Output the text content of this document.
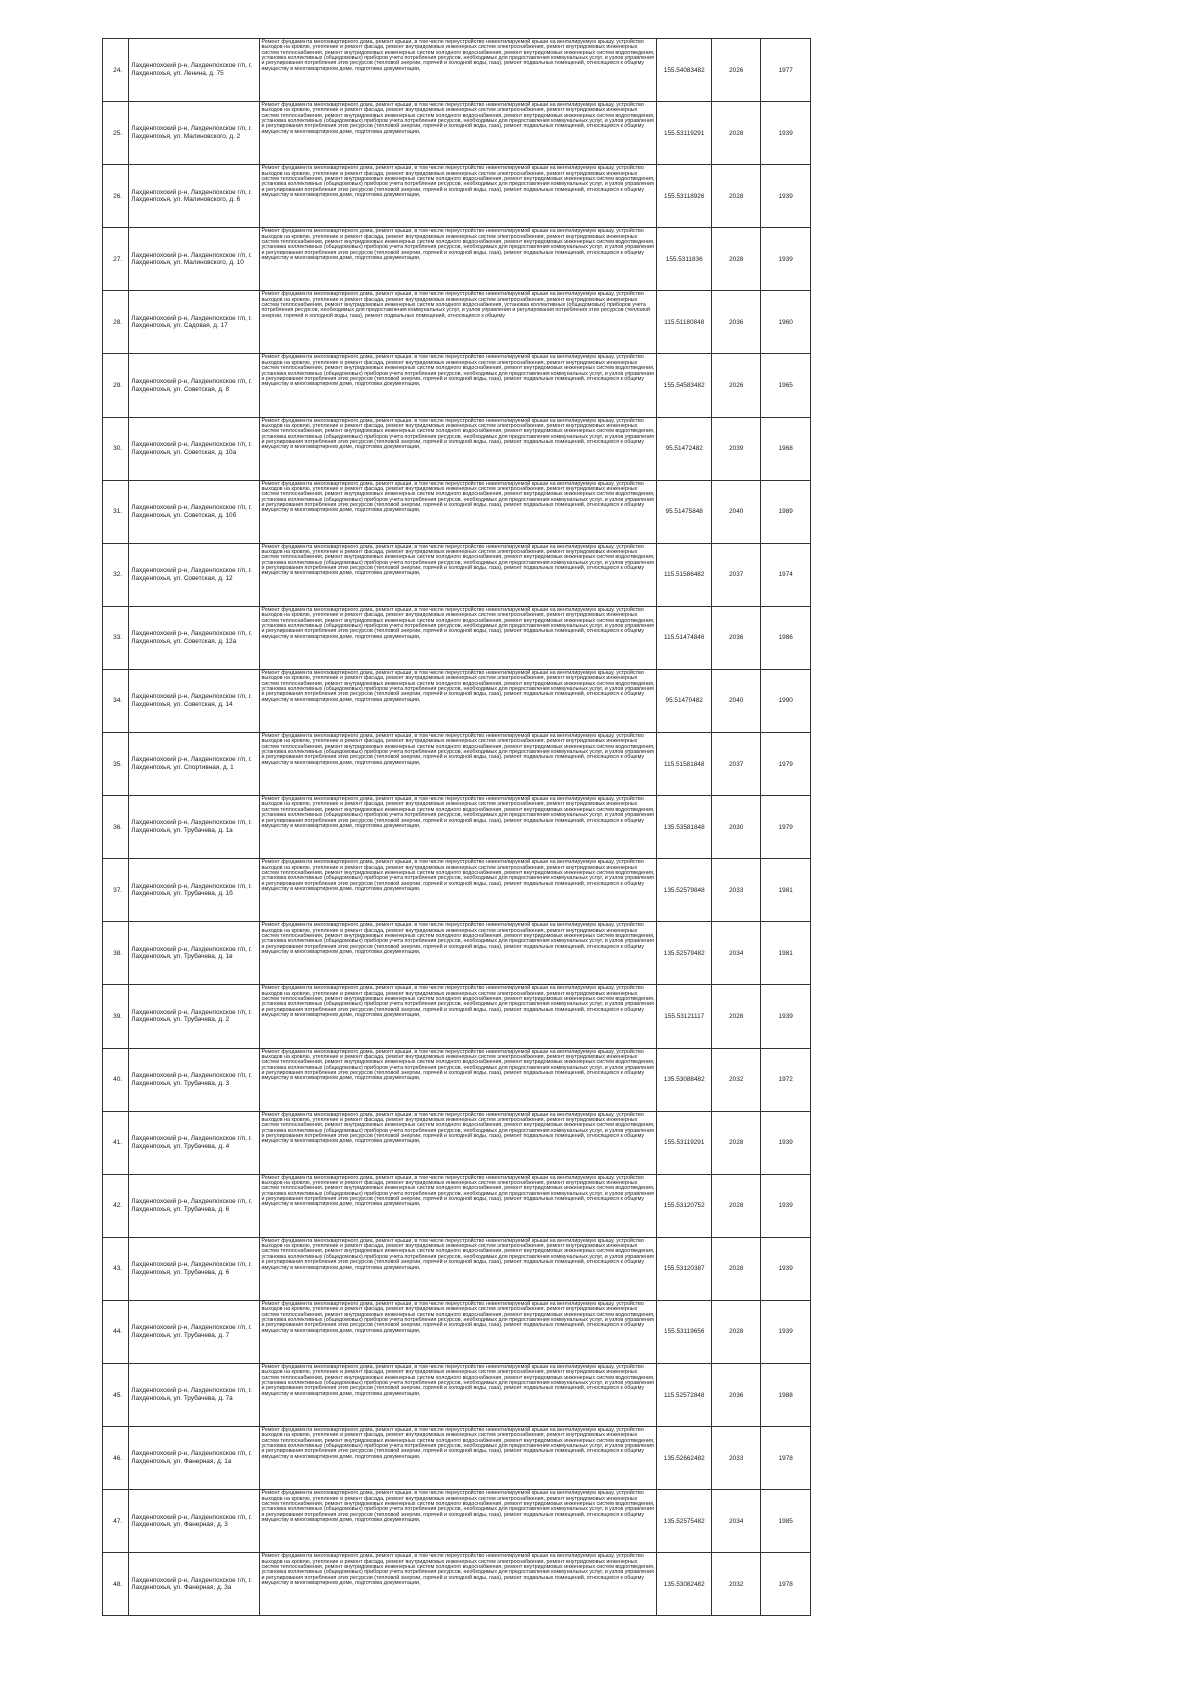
24.	Лахденпохский р-н, Лахденпохское г/п, г. Лахденпохья, ул. Ленина, д. 75	Ремонт фундамента многоквартирного дома, ремонт крыши, в том числе переустройство невентилируемой крыши на вентилируемую крышу, устройство выходов на кровлю, утепление и ремонт фасада, ремонт внутридомовых инженерных систем электроснабжения, ремонт внутридомовых инженерных систем теплоснабжения, ремонт внутридомовых инженерных систем холодного водоснабжения, ремонт внутридомовых инженерных систем водоотведения, установка коллективных (общедомовых) приборов учета потребления ресурсов, необходимых для предоставления коммунальных услуг, и узлов управления и регулирования потребления этих ресурсов (тепловой энергии, горячей и холодной воды, газа), ремонт подвальных помещений, относящихся к общему имуществу в многоквартирном доме, подготовка документации,	155.54083482	2026	1977
25.	Лахденпохский р-н, Лахденпохское г/п, г. Лахденпохья, ул. Малиновского, д. 2	Ремонт фундамента многоквартирного дома, ремонт крыши, в том числе переустройство невентилируемой крыши на вентилируемую крышу, устройство выходов на кровлю, утепление и ремонт фасада, ремонт внутридомовых инженерных систем электроснабжения, ремонт внутридомовых инженерных систем теплоснабжения, ремонт внутридомовых инженерных систем холодного водоснабжения, ремонт внутридомовых инженерных систем водоотведения, установка коллективных (общедомовых) приборов учета потребления ресурсов, необходимых для предоставления коммунальных услуг, и узлов управления и регулирования потребления этих ресурсов (тепловой энергии, горячей и холодной воды, газа), ремонт подвальных помещений, относящихся к общему имуществу в многоквартирном доме, подготовка документации,	155.53119291	2028	1939
26.	Лахденпохский р-н, Лахденпохское г/п, г. Лахденпохья, ул. Малиновского, д. 6	Ремонт фундамента многоквартирного дома, ремонт крыши, в том числе переустройство невентилируемой крыши на вентилируемую крышу, устройство выходов на кровлю, утепление и ремонт фасада, ремонт внутридомовых инженерных систем электроснабжения, ремонт внутридомовых инженерных систем теплоснабжения, ремонт внутридомовых инженерных систем холодного водоснабжения, ремонт внутридомовых инженерных систем водоотведения, установка коллективных (общедомовых) приборов учета потребления ресурсов, необходимых для предоставления коммунальных услуг, и узлов управления и регулирования потребления этих ресурсов (тепловой энергии, горячей и холодной воды, газа), ремонт подвальных помещений, относящихся к общему имуществу в многоквартирном доме, подготовка документации,	155.53118926	2028	1939
27.	Лахденпохский р-н, Лахденпохское г/п, г. Лахденпохья, ул. Малиновского, д. 10	Ремонт фундамента многоквартирного дома, ремонт крыши, в том числе переустройство невентилируемой крыши на вентилируемую крышу, устройство выходов на кровлю, утепление и ремонт фасада, ремонт внутридомовых инженерных систем электроснабжения, ремонт внутридомовых инженерных систем теплоснабжения, ремонт внутридомовых инженерных систем холодного водоснабжения, ремонт внутридомовых инженерных систем водоотведения, установка коллективных (общедомовых) приборов учета потребления ресурсов, необходимых для предоставления коммунальных услуг, и узлов управления и регулирования потребления этих ресурсов (тепловой энергии, горячей и холодной воды, газа), ремонт подвальных помещений, относящихся к общему имуществу в многоквартирном доме, подготовка документации,	155.5311836	2028	1939
28.	Лахденпохский р-н, Лахденпохское г/п, г. Лахденпохья, ул. Садовая, д. 17	Ремонт фундамента многоквартирного дома, ремонт крыши, в том числе переустройство невентилируемой крыши на вентилируемую крышу, устройство выходов на кровлю, утепление и ремонт фасада, ремонт внутридомовых инженерных систем электроснабжения, ремонт внутридомовых инженерных систем теплоснабжения, ремонт внутридомовых инженерных систем холодного водоснабжения, установка коллективных (общедомовых) приборов учета потребления ресурсов, необходимых для предоставления коммунальных услуг, и узлов управления и регулирования потребления этих ресурсов (тепловой энергии, горячей и холодной воды, газа), ремонт подвальных помещений, относящихся к общему	115.51180848	2036	1960
29.	Лахденпохский р-н, Лахденпохское г/п, г. Лахденпохья, ул. Советская, д. 8	Ремонт фундамента многоквартирного дома, ремонт крыши, в том числе переустройство невентилируемой крыши на вентилируемую крышу, устройство выходов на кровлю, утепление и ремонт фасада, ремонт внутридомовых инженерных систем электроснабжения, ремонт внутридомовых инженерных систем теплоснабжения, ремонт внутридомовых инженерных систем холодного водоснабжения, ремонт внутридомовых инженерных систем водоотведения, установка коллективных (общедомовых) приборов учета потребления ресурсов, необходимых для предоставления коммунальных услуг, и узлов управления и регулирования потребления этих ресурсов (тепловой энергии, горячей и холодной воды, газа), ремонт подвальных помещений, относящихся к общему имуществу в многоквартирном доме, подготовка документации,	155.54583482	2026	1965
30.	Лахденпохский р-н, Лахденпохское г/п, г. Лахденпохья, ул. Советская, д. 10а	Ремонт фундамента многоквартирного дома, ремонт крыши, в том числе переустройство невентилируемой крыши на вентилируемую крышу, устройство выходов на кровлю, утепление и ремонт фасада, ремонт внутридомовых инженерных систем электроснабжения, ремонт внутридомовых инженерных систем теплоснабжения, ремонт внутридомовых инженерных систем холодного водоснабжения, ремонт внутридомовых инженерных систем водоотведения, установка коллективных (общедомовых) приборов учета потребления ресурсов, необходимых для предоставления коммунальных услуг, и узлов управления и регулирования потребления этих ресурсов (тепловой энергии, горячей и холодной воды, газа), ремонт подвальных помещений, относящихся к общему имуществу в многоквартирном доме, подготовка документации,	95.51472482	2039	1968
31.	Лахденпохский р-н, Лахденпохское г/п, г. Лахденпохья, ул. Советская, д. 10б	Ремонт фундамента многоквартирного дома, ремонт крыши, в том числе переустройство невентилируемой крыши на вентилируемую крышу, устройство выходов на кровлю, утепление и ремонт фасада, ремонт внутридомовых инженерных систем электроснабжения, ремонт внутридомовых инженерных систем теплоснабжения, ремонт внутридомовых инженерных систем холодного водоснабжения, ремонт внутридомовых инженерных систем водоотведения, установка коллективных (общедомовых) приборов учета потребления ресурсов, необходимых для предоставления коммунальных услуг, и узлов управления и регулирования потребления этих ресурсов (тепловой энергии, горячей и холодной воды, газа), ремонт подвальных помещений, относящихся к общему имуществу в многоквартирном доме, подготовка документации,	95.51475848	2040	1989
32.	Лахденпохский р-н, Лахденпохское г/п, г. Лахденпохья, ул. Советская, д. 12	Ремонт фундамента многоквартирного дома, ремонт крыши, в том числе переустройство невентилируемой крыши на вентилируемую крышу, устройство выходов на кровлю, утепление и ремонт фасада, ремонт внутридомовых инженерных систем электроснабжения, ремонт внутридомовых инженерных систем теплоснабжения, ремонт внутридомовых инженерных систем холодного водоснабжения, ремонт внутридомовых инженерных систем водоотведения, установка коллективных (общедомовых) приборов учета потребления ресурсов, необходимых для предоставления коммунальных услуг, и узлов управления и регулирования потребления этих ресурсов (тепловой энергии, горячей и холодной воды, газа), ремонт подвальных помещений, относящихся к общему имуществу в многоквартирном доме, подготовка документации,	115.51586482	2037	1974
33.	Лахденпохский р-н, Лахденпохское г/п, г. Лахденпохья, ул. Советская, д. 12а	Ремонт фундамента многоквартирного дома, ремонт крыши, в том числе переустройство невентилируемой крыши на вентилируемую крышу, устройство выходов на кровлю, утепление и ремонт фасада, ремонт внутридомовых инженерных систем электроснабжения, ремонт внутридомовых инженерных систем теплоснабжения, ремонт внутридомовых инженерных систем холодного водоснабжения, ремонт внутридомовых инженерных систем водоотведения, установка коллективных (общедомовых) приборов учета потребления ресурсов, необходимых для предоставления коммунальных услуг, и узлов управления и регулирования потребления этих ресурсов (тепловой энергии, горячей и холодной воды, газа), ремонт подвальных помещений, относящихся к общему имуществу в многоквартирном доме, подготовка документации,	115.51474846	2036	1986
34.	Лахденпохский р-н, Лахденпохское г/п, г. Лахденпохья, ул. Советская, д. 14	Ремонт фундамента многоквартирного дома, ремонт крыши, в том числе переустройство невентилируемой крыши на вентилируемую крышу, устройство выходов на кровлю, утепление и ремонт фасада, ремонт внутридомовых инженерных систем электроснабжения, ремонт внутридомовых инженерных систем теплоснабжения, ремонт внутридомовых инженерных систем холодного водоснабжения, ремонт внутридомовых инженерных систем водоотведения, установка коллективных (общедомовых) приборов учета потребления ресурсов, необходимых для предоставления коммунальных услуг, и узлов управления и регулирования потребления этих ресурсов (тепловой энергии, горячей и холодной воды, газа), ремонт подвальных помещений, относящихся к общему имуществу в многоквартирном доме, подготовка документации,	95.51470482	2040	1990
35.	Лахденпохский р-н, Лахденпохское г/п, г. Лахденпохья, ул. Спортивная, д. 1	Ремонт фундамента многоквартирного дома, ремонт крыши, в том числе переустройство невентилируемой крыши на вентилируемую крышу, устройство выходов на кровлю, утепление и ремонт фасада, ремонт внутридомовых инженерных систем электроснабжения, ремонт внутридомовых инженерных систем теплоснабжения, ремонт внутридомовых инженерных систем холодного водоснабжения, ремонт внутридомовых инженерных систем водоотведения, установка коллективных (общедомовых) приборов учета потребления ресурсов, необходимых для предоставления коммунальных услуг, и узлов управления и регулирования потребления этих ресурсов (тепловой энергии, горячей и холодной воды, газа), ремонт подвальных помещений, относящихся к общему имуществу в многоквартирном доме, подготовка документации,	115.51581848	2037	1979
36.	Лахденпохский р-н, Лахденпохское г/п, г. Лахденпохья, ул. Трубачева, д. 1а	Ремонт фундамента многоквартирного дома, ремонт крыши, в том числе переустройство невентилируемой крыши на вентилируемую крышу, устройство выходов на кровлю, утепление и ремонт фасада, ремонт внутридомовых инженерных систем электроснабжения, ремонт внутридомовых инженерных систем теплоснабжения, ремонт внутридомовых инженерных систем холодного водоснабжения, ремонт внутридомовых инженерных систем водоотведения, установка коллективных (общедомовых) приборов учета потребления ресурсов, необходимых для предоставления коммунальных услуг, и узлов управления и регулирования потребления этих ресурсов (тепловой энергии, горячей и холодной воды, газа), ремонт подвальных помещений, относящихся к общему имуществу в многоквартирном доме, подготовка документации,	135.53581848	2030	1979
37.	Лахденпохский р-н, Лахденпохское г/п, г. Лахденпохья, ул. Трубачева, д. 1б	Ремонт фундамента многоквартирного дома, ремонт крыши, в том числе переустройство невентилируемой крыши на вентилируемую крышу, устройство выходов на кровлю, утепление и ремонт фасада, ремонт внутридомовых инженерных систем электроснабжения, ремонт внутридомовых инженерных систем теплоснабжения, ремонт внутридомовых инженерных систем холодного водоснабжения, ремонт внутридомовых инженерных систем водоотведения, установка коллективных (общедомовых) приборов учета потребления ресурсов, необходимых для предоставления коммунальных услуг, и узлов управления и регулирования потребления этих ресурсов (тепловой энергии, горячей и холодной воды, газа), ремонт подвальных помещений, относящихся к общему имуществу в многоквартирном доме, подготовка документации,	135.52579848	2033	1981
38.	Лахденпохский р-н, Лахденпохское г/п, г. Лахденпохья, ул. Трубачева, д. 1в	Ремонт фундамента многоквартирного дома, ремонт крыши, в том числе переустройство невентилируемой крыши на вентилируемую крышу, устройство выходов на кровлю, утепление и ремонт фасада, ремонт внутридомовых инженерных систем электроснабжения, ремонт внутридомовых инженерных систем теплоснабжения, ремонт внутридомовых инженерных систем холодного водоснабжения, ремонт внутридомовых инженерных систем водоотведения, установка коллективных (общедомовых) приборов учета потребления ресурсов, необходимых для предоставления коммунальных услуг, и узлов управления и регулирования потребления этих ресурсов (тепловой энергии, горячей и холодной воды, газа), ремонт подвальных помещений, относящихся к общему имуществу в многоквартирном доме, подготовка документации,	135.52579482	2034	1981
39.	Лахденпохский р-н, Лахденпохское г/п, г. Лахденпохья, ул. Трубачева, д. 2	Ремонт фундамента многоквартирного дома, ремонт крыши, в том числе переустройство невентилируемой крыши на вентилируемую крышу, устройство выходов на кровлю, утепление и ремонт фасада, ремонт внутридомовых инженерных систем электроснабжения, ремонт внутридомовых инженерных систем теплоснабжения, ремонт внутридомовых инженерных систем холодного водоснабжения, ремонт внутридомовых инженерных систем водоотведения, установка коллективных (общедомовых) приборов учета потребления ресурсов, необходимых для предоставления коммунальных услуг, и узлов управления и регулирования потребления этих ресурсов (тепловой энергии, горячей и холодной воды, газа), ремонт подвальных помещений, относящихся к общему имуществу в многоквартирном доме, подготовка документации,	155.53121117	2028	1939
40.	Лахденпохский р-н, Лахденпохское г/п, г. Лахденпохья, ул. Трубачева, д. 3	Ремонт фундамента многоквартирного дома, ремонт крыши, в том числе переустройство невентилируемой крыши на вентилируемую крышу, устройство выходов на кровлю, утепление и ремонт фасада, ремонт внутридомовых инженерных систем электроснабжения, ремонт внутридомовых инженерных систем теплоснабжения, ремонт внутридомовых инженерных систем холодного водоснабжения, ремонт внутридомовых инженерных систем водоотведения, установка коллективных (общедомовых) приборов учета потребления ресурсов, необходимых для предоставления коммунальных услуг, и узлов управления и регулирования потребления этих ресурсов (тепловой энергии, горячей и холодной воды, газа), ремонт подвальных помещений, относящихся к общему имуществу в многоквартирном доме, подготовка документации,	135.53088482	2032	1972
41.	Лахденпохский р-н, Лахденпохское г/п, г. Лахденпохья, ул. Трубачева, д. 4	Ремонт фундамента многоквартирного дома, ремонт крыши, в том числе переустройство невентилируемой крыши на вентилируемую крышу, устройство выходов на кровлю, утепление и ремонт фасада, ремонт внутридомовых инженерных систем электроснабжения, ремонт внутридомовых инженерных систем теплоснабжения, ремонт внутридомовых инженерных систем холодного водоснабжения, ремонт внутридомовых инженерных систем водоотведения, установка коллективных (общедомовых) приборов учета потребления ресурсов, необходимых для предоставления коммунальных услуг, и узлов управления и регулирования потребления этих ресурсов (тепловой энергии, горячей и холодной воды, газа), ремонт подвальных помещений, относящихся к общему имуществу в многоквартирном доме, подготовка документации,	155.53119291	2028	1939
42.	Лахденпохский р-н, Лахденпохское г/п, г. Лахденпохья, ул. Трубачева, д. 6	Ремонт фундамента многоквартирного дома, ремонт крыши, в том числе переустройство невентилируемой крыши на вентилируемую крышу, устройство выходов на кровлю, утепление и ремонт фасада, ремонт внутридомовых инженерных систем электроснабжения, ремонт внутридомовых инженерных систем теплоснабжения, ремонт внутридомовых инженерных систем холодного водоснабжения, ремонт внутридомовых инженерных систем водоотведения, установка коллективных (общедомовых) приборов учета потребления ресурсов, необходимых для предоставления коммунальных услуг, и узлов управления и регулирования потребления этих ресурсов (тепловой энергии, горячей и холодной воды, газа), ремонт подвальных помещений, относящихся к общему имуществу в многоквартирном доме, подготовка документации,	155.53120752	2028	1939
43.	Лахденпохский р-н, Лахденпохское г/п, г. Лахденпохья, ул. Трубачева, д. 6	Ремонт фундамента многоквартирного дома, ремонт крыши, в том числе переустройство невентилируемой крыши на вентилируемую крышу, устройство выходов на кровлю, утепление и ремонт фасада, ремонт внутридомовых инженерных систем электроснабжения, ремонт внутридомовых инженерных систем теплоснабжения, ремонт внутридомовых инженерных систем холодного водоснабжения, ремонт внутридомовых инженерных систем водоотведения, установка коллективных (общедомовых) приборов учета потребления ресурсов, необходимых для предоставления коммунальных услуг, и узлов управления и регулирования потребления этих ресурсов (тепловой энергии, горячей и холодной воды, газа), ремонт подвальных помещений, относящихся к общему имуществу в многоквартирном доме, подготовка документации,	155.53120387	2028	1939
44.	Лахденпохский р-н, Лахденпохское г/п, г. Лахденпохья, ул. Трубачева, д. 7	Ремонт фундамента многоквартирного дома, ремонт крыши, в том числе переустройство невентилируемой крыши на вентилируемую крышу, устройство выходов на кровлю, утепление и ремонт фасада, ремонт внутридомовых инженерных систем электроснабжения, ремонт внутридомовых инженерных систем теплоснабжения, ремонт внутридомовых инженерных систем холодного водоснабжения, ремонт внутридомовых инженерных систем водоотведения, установка коллективных (общедомовых) приборов учета потребления ресурсов, необходимых для предоставления коммунальных услуг, и узлов управления и регулирования потребления этих ресурсов (тепловой энергии, горячей и холодной воды, газа), ремонт подвальных помещений, относящихся к общему имуществу в многоквартирном доме, подготовка документации,	155.53119656	2028	1939
45.	Лахденпохский р-н, Лахденпохское г/п, г. Лахденпохья, ул. Трубачева, д. 7а	Ремонт фундамента многоквартирного дома, ремонт крыши, в том числе переустройство невентилируемой крыши на вентилируемую крышу, устройство выходов на кровлю, утепление и ремонт фасада, ремонт внутридомовых инженерных систем электроснабжения, ремонт внутридомовых инженерных систем теплоснабжения, ремонт внутридомовых инженерных систем холодного водоснабжения, ремонт внутридомовых инженерных систем водоотведения, установка коллективных (общедомовых) приборов учета потребления ресурсов, необходимых для предоставления коммунальных услуг, и узлов управления и регулирования потребления этих ресурсов (тепловой энергии, горячей и холодной воды, газа), ремонт подвальных помещений, относящихся к общему имуществу в многоквартирном доме, подготовка документации,	115.52572848	2036	1988
46.	Лахденпохский р-н, Лахденпохское г/п, г. Лахденпохья, ул. Фанерная, д. 1а	Ремонт фундамента многоквартирного дома, ремонт крыши, в том числе переустройство невентилируемой крыши на вентилируемую крышу, устройство выходов на кровлю, утепление и ремонт фасада, ремонт внутридомовых инженерных систем электроснабжения, ремонт внутридомовых инженерных систем теплоснабжения, ремонт внутридомовых инженерных систем холодного водоснабжения, ремонт внутридомовых инженерных систем водоотведения, установка коллективных (общедомовых) приборов учета потребления ресурсов, необходимых для предоставления коммунальных услуг, и узлов управления и регулирования потребления этих ресурсов (тепловой энергии, горячей и холодной воды, газа), ремонт подвальных помещений, относящихся к общему имуществу в многоквартирном доме, подготовка документации,	135.52662482	2033	1978
47.	Лахденпохский р-н, Лахденпохское г/п, г. Лахденпохья, ул. Фанерная, д. 3	Ремонт фундамента многоквартирного дома, ремонт крыши, в том числе переустройство невентилируемой крыши на вентилируемую крышу, устройство выходов на кровлю, утепление и ремонт фасада, ремонт внутридомовых инженерных систем электроснабжения, ремонт внутридомовых инженерных систем теплоснабжения, ремонт внутридомовых инженерных систем холодного водоснабжения, ремонт внутридомовых инженерных систем водоотведения, установка коллективных (общедомовых) приборов учета потребления ресурсов, необходимых для предоставления коммунальных услуг, и узлов управления и регулирования потребления этих ресурсов (тепловой энергии, горячей и холодной воды, газа), ремонт подвальных помещений, относящихся к общему имуществу в многоквартирном доме, подготовка документации,	135.52575482	2034	1985
48.	Лахденпохский р-н, Лахденпохское г/п, г. Лахденпохья, ул. Фанерная, д. 3а	Ремонт фундамента многоквартирного дома, ремонт крыши, в том числе переустройство невентилируемой крыши на вентилируемую крышу, устройство выходов на кровлю, утепление и ремонт фасада, ремонт внутридомовых инженерных систем электроснабжения, ремонт внутридомовых инженерных систем теплоснабжения, ремонт внутридомовых инженерных систем холодного водоснабжения, ремонт внутридомовых инженерных систем водоотведения, установка коллективных (общедомовых) приборов учета потребления ресурсов, необходимых для предоставления коммунальных услуг, и узлов управления и регулирования потребления этих ресурсов (тепловой энергии, горячей и холодной воды, газа), ремонт подвальных помещений, относящихся к общему имуществу в многоквартирном доме, подготовка документации,	135.53082482	2032	1978
